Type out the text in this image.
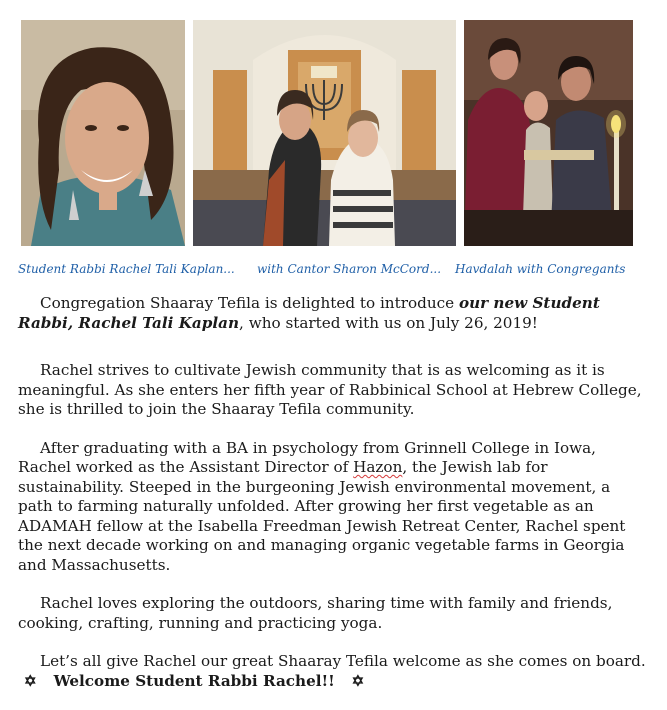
Student Rabbi Rachel Tali Kaplan... with Cantor Sharon McCord... Havdalah with Congregants

Congregation Shaaray Tefila is delighted to introduce our new Student Rabbi, Rachel Tali Kaplan, who started with us on July 26, 2019!

Rachel strives to cultivate Jewish community that is as welcoming as it is meaningful. As she enters her fifth year of Rabbinical School at Hebrew College, she is thrilled to join the Shaaray Tefila community.

After graduating with a BA in psychology from Grinnell College in Iowa, Rachel worked as the Assistant Director of Hazon, the Jewish lab for sustainability. Steeped in the burgeoning Jewish environmental movement, a path to farming naturally unfolded. After growing her first vegetable as an ADAMAH fellow at the Isabella Freedman Jewish Retreat Center, Rachel spent the next decade working on and managing organic vegetable farms in Georgia and Massachusetts.

Rachel loves exploring the outdoors, sharing time with family and friends, cooking, crafting, running and practicing yoga.

Let’s all give Rachel our great Shaaray Tefila welcome as she comes on board. ✡ Welcome Student Rabbi Rachel!! ✡
